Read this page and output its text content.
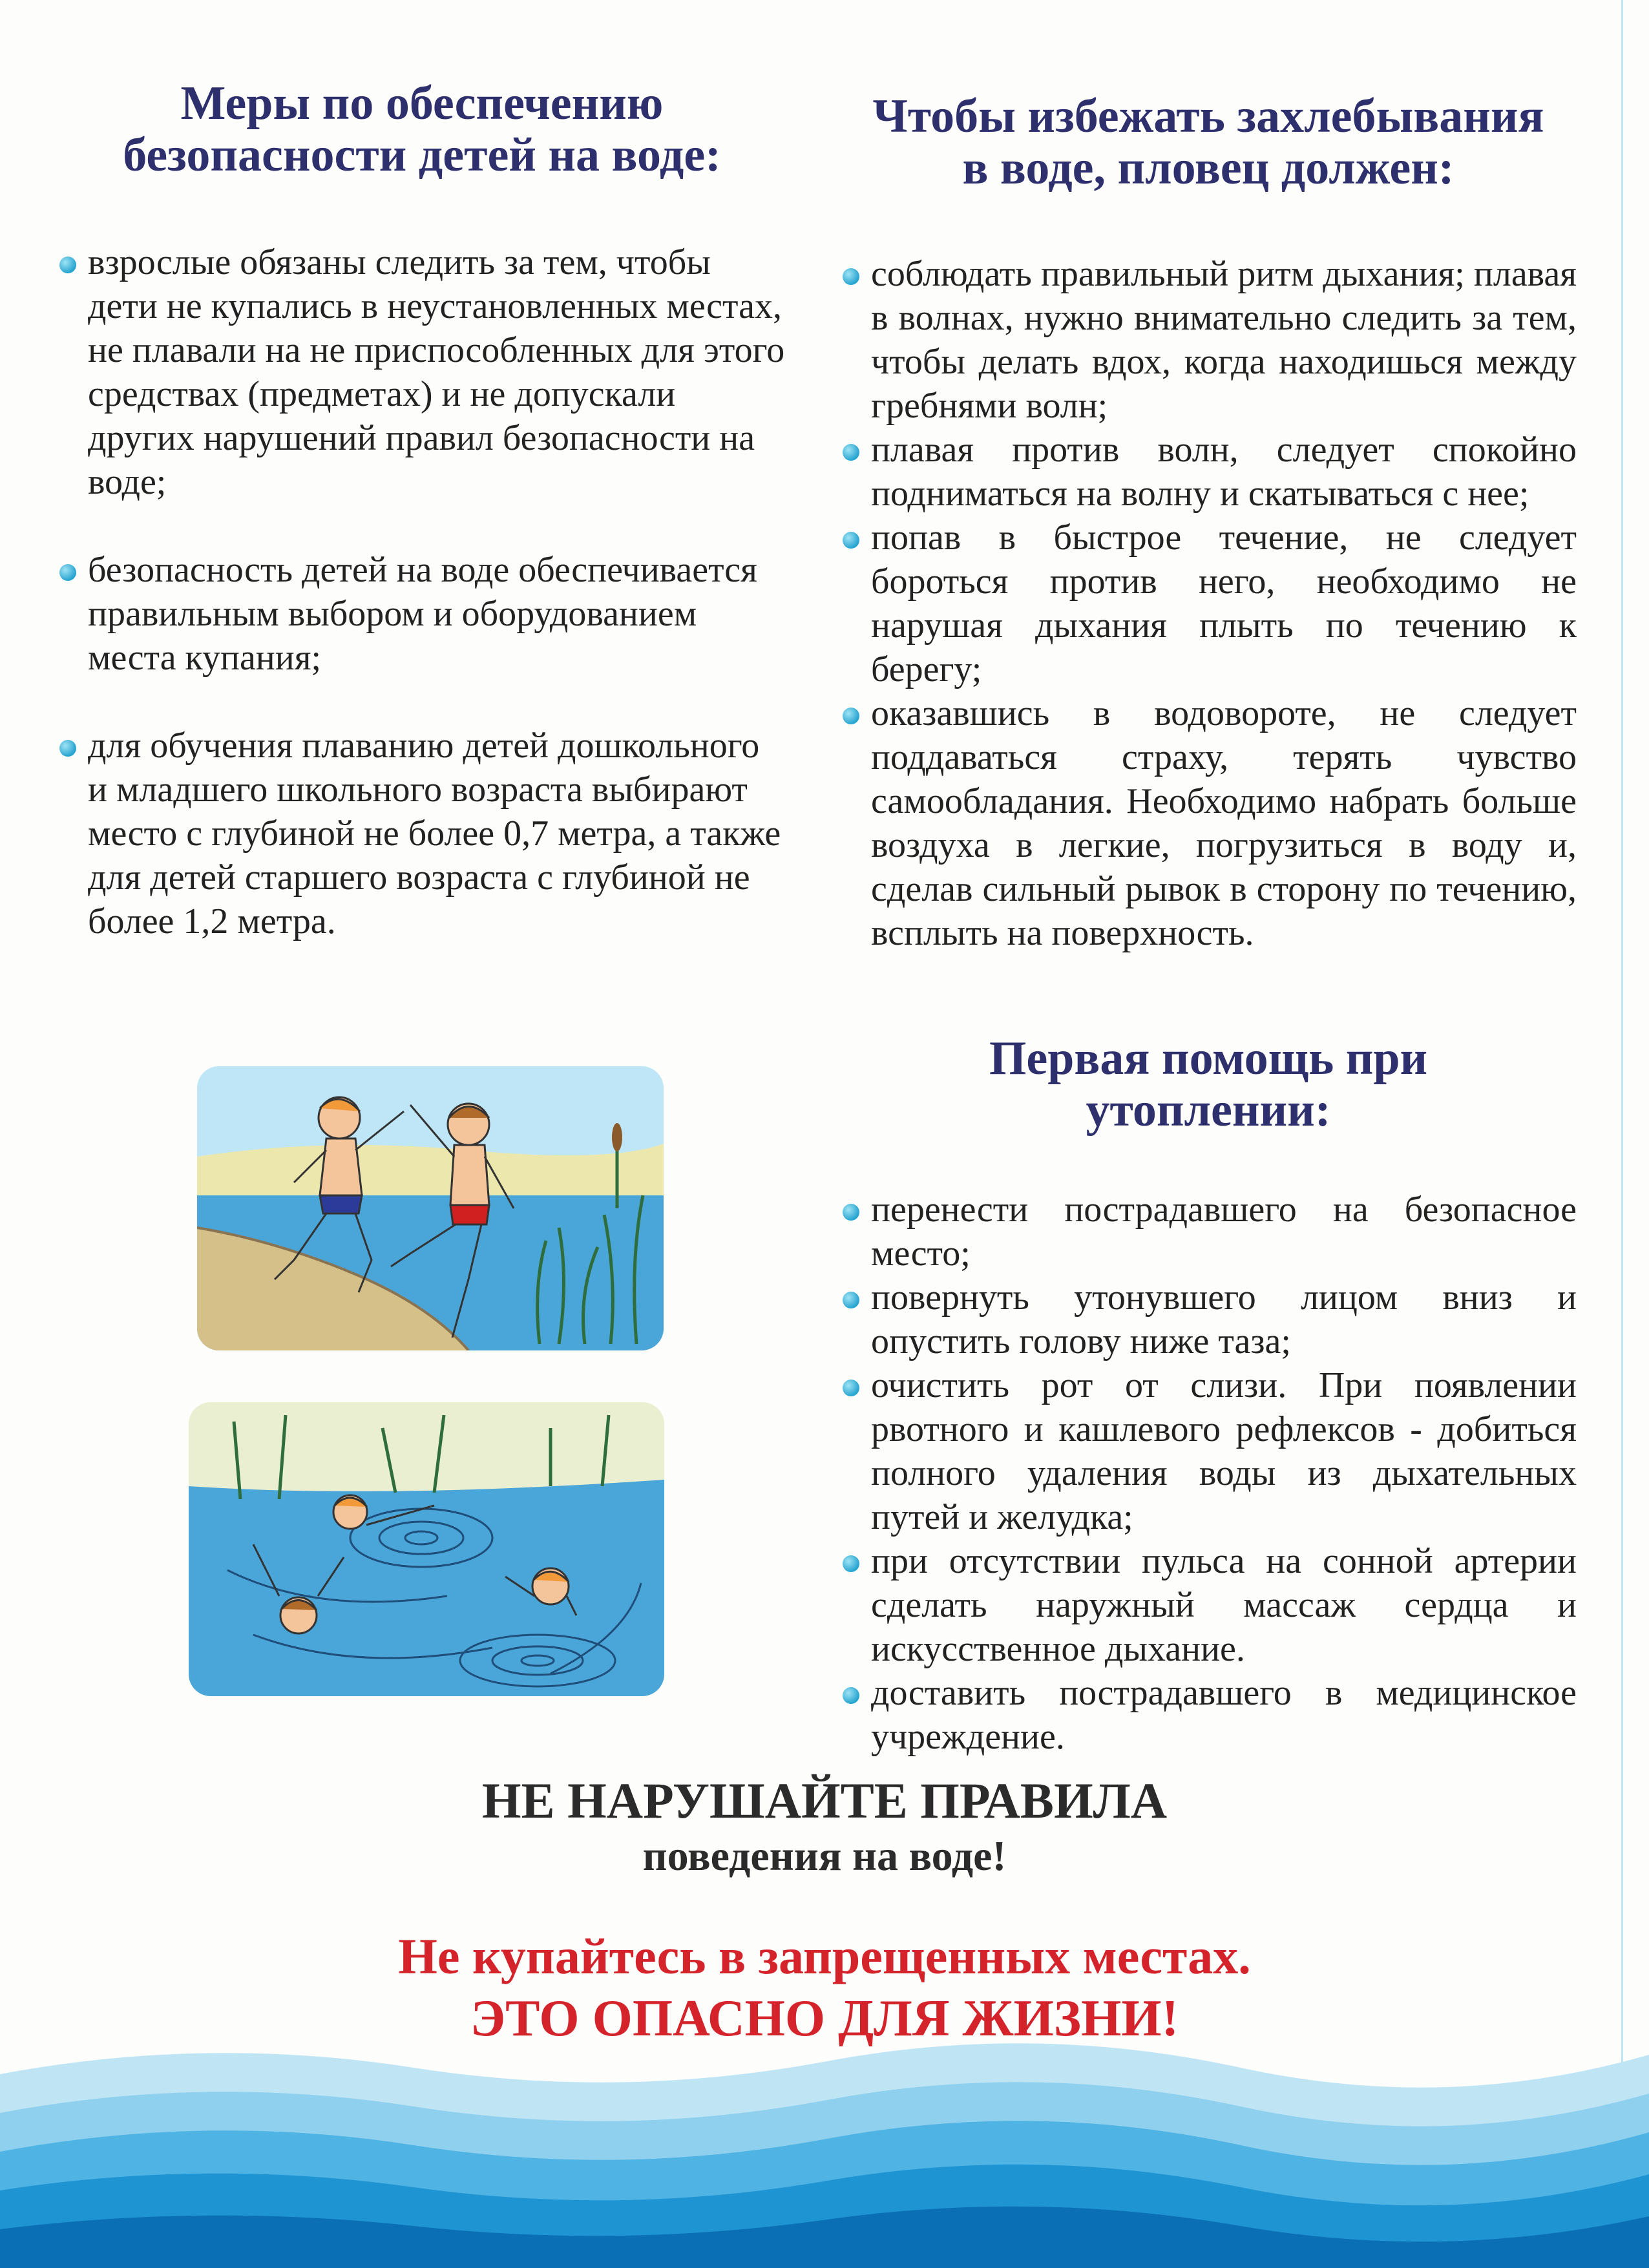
Меры по обеспечению
безопасности детей на воде:
взрослые обязаны следить за тем, чтобы дети не купались в неустановленных местах, не плавали на не приспособленных для этого средствах (предметах) и не допускали других нарушений правил безопасности на воде;
безопасность детей на воде обеспечивается правильным выбором и оборудованием места купания;
для обучения плаванию детей дошкольного и младшего школьного возраста выбирают место с глубиной не более 0,7 метра, а также для детей старшего возраста с глубиной не более 1,2 метра.
Чтобы избежать захлебывания
в воде, пловец должен:
соблюдать правильный ритм дыхания; плавая в волнах, нужно внимательно следить за тем, чтобы делать вдох, когда находишься между гребнями волн;
плавая против волн, следует спокойно подниматься на волну и скатываться с нее;
попав в быстрое течение, не следует бороться против него, необходимо не нарушая дыхания плыть по течению к берегу;
оказавшись в водовороте, не следует поддаваться страху, терять чувство самообладания. Необходимо набрать больше воздуха в легкие, погрузиться в воду и, сделав сильный рывок в сторону по течению, всплыть на поверхность.
Первая помощь при
утоплении:
перенести пострадавшего на безопасное место;
повернуть утонувшего лицом вниз и опустить голову ниже таза;
очистить рот от слизи. При появлении рвотного и кашлевого рефлексов - добиться полного удаления воды из дыхательных путей и желудка;
при отсутствии пульса на сонной артерии сделать наружный массаж сердца и искусственное дыхание.
доставить пострадавшего в медицинское учреждение.
НЕ НАРУШАЙТЕ ПРАВИЛА
поведения на воде!
Не купайтесь в запрещенных местах.
ЭТО ОПАСНО ДЛЯ ЖИЗНИ!
